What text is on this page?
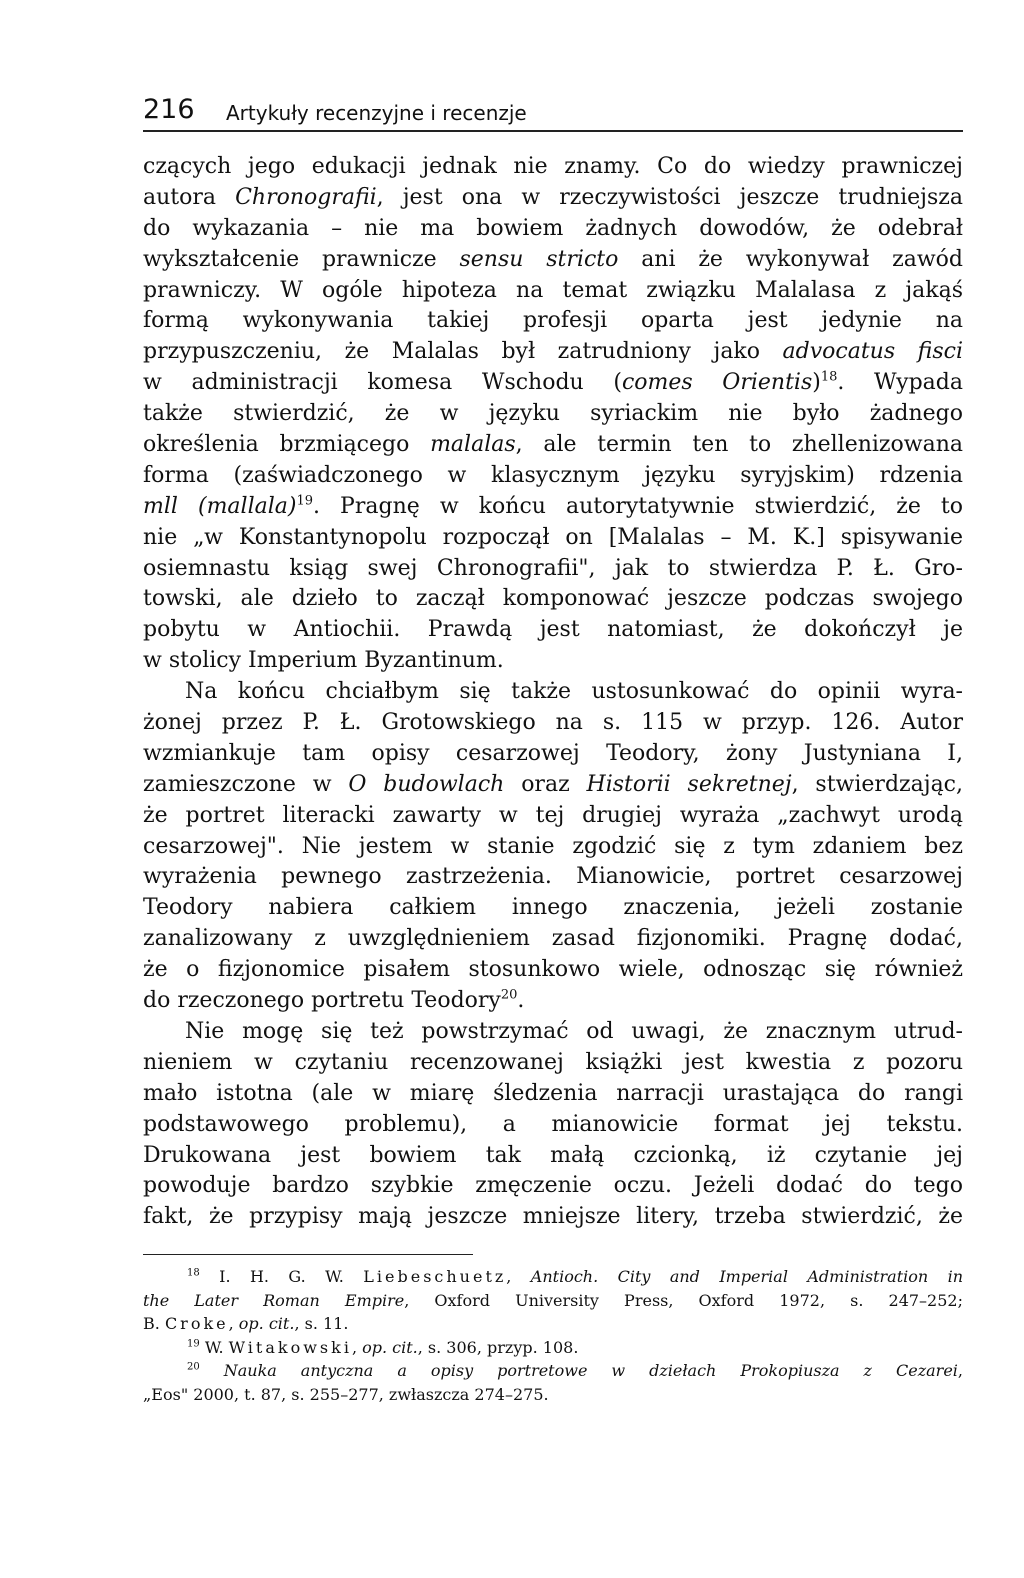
216 Artykuły recenzyjne i recenzje
czących jego edukacji jednak nie znamy. Co do wiedzy prawniczej
autora Chronografii, jest ona w rzeczywistości jeszcze trudniejsza
do wykazania – nie ma bowiem żadnych dowodów, że odebrał
wykształcenie prawnicze sensu stricto ani że wykonywał zawód
prawniczy. W ogóle hipoteza na temat związku Malalasa z jakąś
formą wykonywania takiej profesji oparta jest jedynie na
przypuszczeniu, że Malalas był zatrudniony jako advocatus fisci
w administracji komesa Wschodu (comes Orientis)$^{18}$. Wypada
także stwierdzić, że w języku syriackim nie było żadnego
określenia brzmiącego malalas, ale termin ten to zhellenizowana
forma (zaświadczonego w klasycznym języku syryjskim) rdzenia
mll (mallala)$^{19}$. Pragnę w końcu autorytatywnie stwierdzić, że to
nie „w Konstantynopolu rozpoczął on [Malalas – M. K.] spisywanie
osiemnastu ksiąg swej Chronografii", jak to stwierdza P. Ł. Gro-
towski, ale dzieło to zaczął komponować jeszcze podczas swojego
pobytu w Antiochii. Prawdą jest natomiast, że dokończył je
w stolicy Imperium Byzantinum.
Na końcu chciałbym się także ustosunkować do opinii wyra-
żonej przez P. Ł. Grotowskiego na s. 115 w przyp. 126. Autor
wzmiankuje tam opisy cesarzowej Teodory, żony Justyniana I,
zamieszczone w O budowlach oraz Historii sekretnej, stwierdzając,
że portret literacki zawarty w tej drugiej wyraża „zachwyt urodą
cesarzowej". Nie jestem w stanie zgodzić się z tym zdaniem bez
wyrażenia pewnego zastrzeżenia. Mianowicie, portret cesarzowej
Teodory nabiera całkiem innego znaczenia, jeżeli zostanie
zanalizowany z uwzględnieniem zasad fizjonomiki. Pragnę dodać,
że o fizjonomice pisałem stosunkowo wiele, odnosząc się również
do rzeczonego portretu Teodory$^{20}$.
Nie mogę się też powstrzymać od uwagi, że znacznym utrud-
nieniem w czytaniu recenzowanej książki jest kwestia z pozoru
mało istotna (ale w miarę śledzenia narracji urastająca do rangi
podstawowego problemu), a mianowicie format jej tekstu.
Drukowana jest bowiem tak małą czcionką, iż czytanie jej
powoduje bardzo szybkie zmęczenie oczu. Jeżeli dodać do tego
fakt, że przypisy mają jeszcze mniejsze litery, trzeba stwierdzić, że
$^{18}$ I. H. G. W. Liebeschuetz, Antioch. City and Imperial Administration in
the Later Roman Empire, Oxford University Press, Oxford 1972, s. 247–252;
B. Croke, op. cit., s. 11.
$^{19}$ W. Witakowski, op. cit., s. 306, przyp. 108.
$^{20}$ Nauka antyczna a opisy portretowe w dziełach Prokopiusza z Cezarei,
„Eos" 2000, t. 87, s. 255–277, zwłaszcza 274–275.
